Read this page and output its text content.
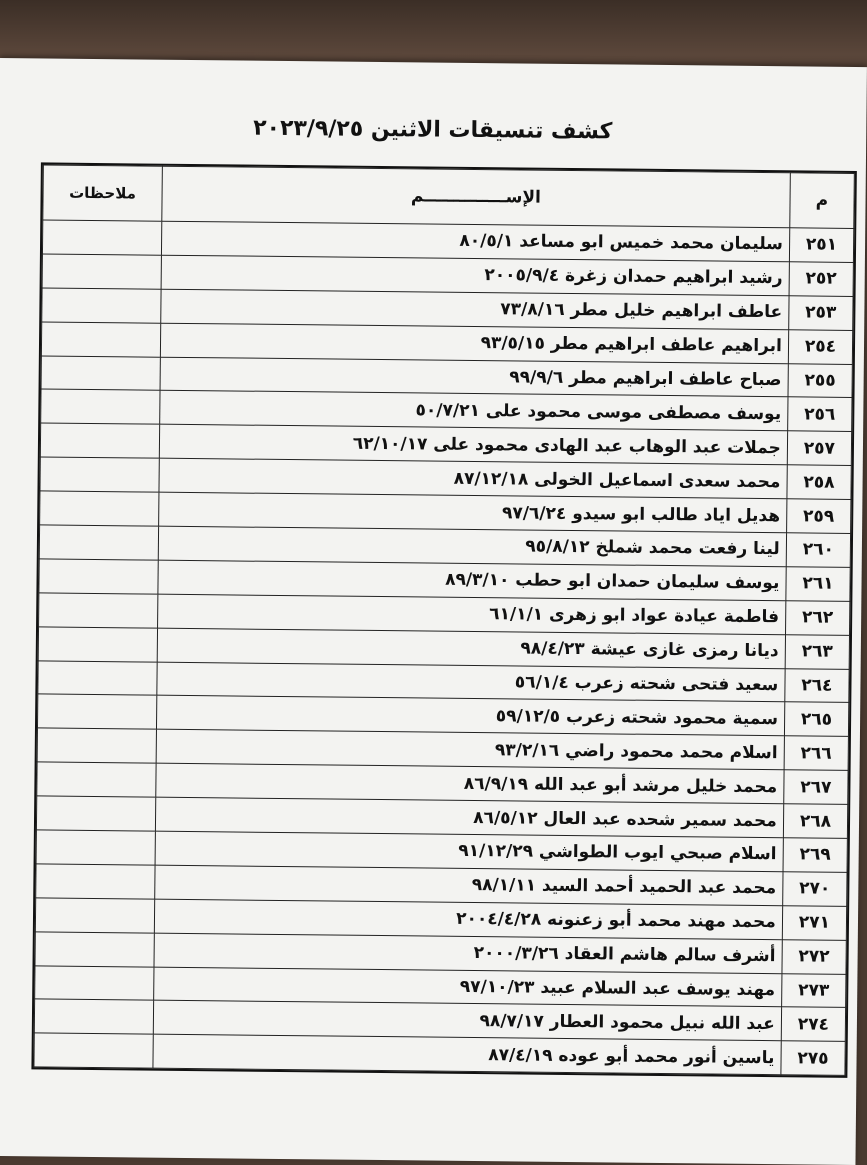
كشف تنسيقات الاثنين ٢٠٢٣/٩/٢٥
م	الإســــــــــــــم	ملاحظات
٢٥١	سليمان محمد خميس ابو مساعد ٨٠/٥/١	
٢٥٢	رشيد ابراهيم حمدان زغرة ٢٠٠٥/٩/٤	
٢٥٣	عاطف ابراهيم خليل مطر ٧٣/٨/١٦	
٢٥٤	ابراهيم عاطف ابراهيم مطر ٩٣/٥/١٥	
٢٥٥	صباح عاطف ابراهيم مطر ٩٩/٩/٦	
٢٥٦	يوسف مصطفى موسى محمود على ٥٠/٧/٢١	
٢٥٧	جملات عبد الوهاب عبد الهادى محمود على ٦٢/١٠/١٧	
٢٥٨	محمد سعدى اسماعيل الخولى ٨٧/١٢/١٨	
٢٥٩	هديل اياد طالب ابو سيدو ٩٧/٦/٢٤	
٢٦٠	لينا رفعت محمد شملخ ٩٥/٨/١٢	
٢٦١	يوسف سليمان حمدان ابو حطب ٨٩/٣/١٠	
٢٦٢	فاطمة عيادة عواد ابو زهرى ٦١/١/١	
٢٦٣	ديانا رمزى غازى عيشة ٩٨/٤/٢٣	
٢٦٤	سعيد فتحى شحته زعرب ٥٦/١/٤	
٢٦٥	سمية محمود شحته زعرب ٥٩/١٢/٥	
٢٦٦	اسلام محمد محمود راضي ٩٣/٢/١٦	
٢٦٧	محمد خليل مرشد أبو عبد الله ٨٦/٩/١٩	
٢٦٨	محمد سمير شحده عبد العال ٨٦/٥/١٢	
٢٦٩	اسلام صبحي ايوب الطواشي ٩١/١٢/٢٩	
٢٧٠	محمد عبد الحميد أحمد السيد ٩٨/١/١١	
٢٧١	محمد مهند محمد أبو زعنونه ٢٠٠٤/٤/٢٨	
٢٧٢	أشرف سالم هاشم العقاد ٢٠٠٠/٣/٢٦	
٢٧٣	مهند يوسف عبد السلام عبيد ٩٧/١٠/٢٣	
٢٧٤	عبد الله نبيل محمود العطار ٩٨/٧/١٧	
٢٧٥	ياسين أنور محمد أبو عوده ٨٧/٤/١٩	
